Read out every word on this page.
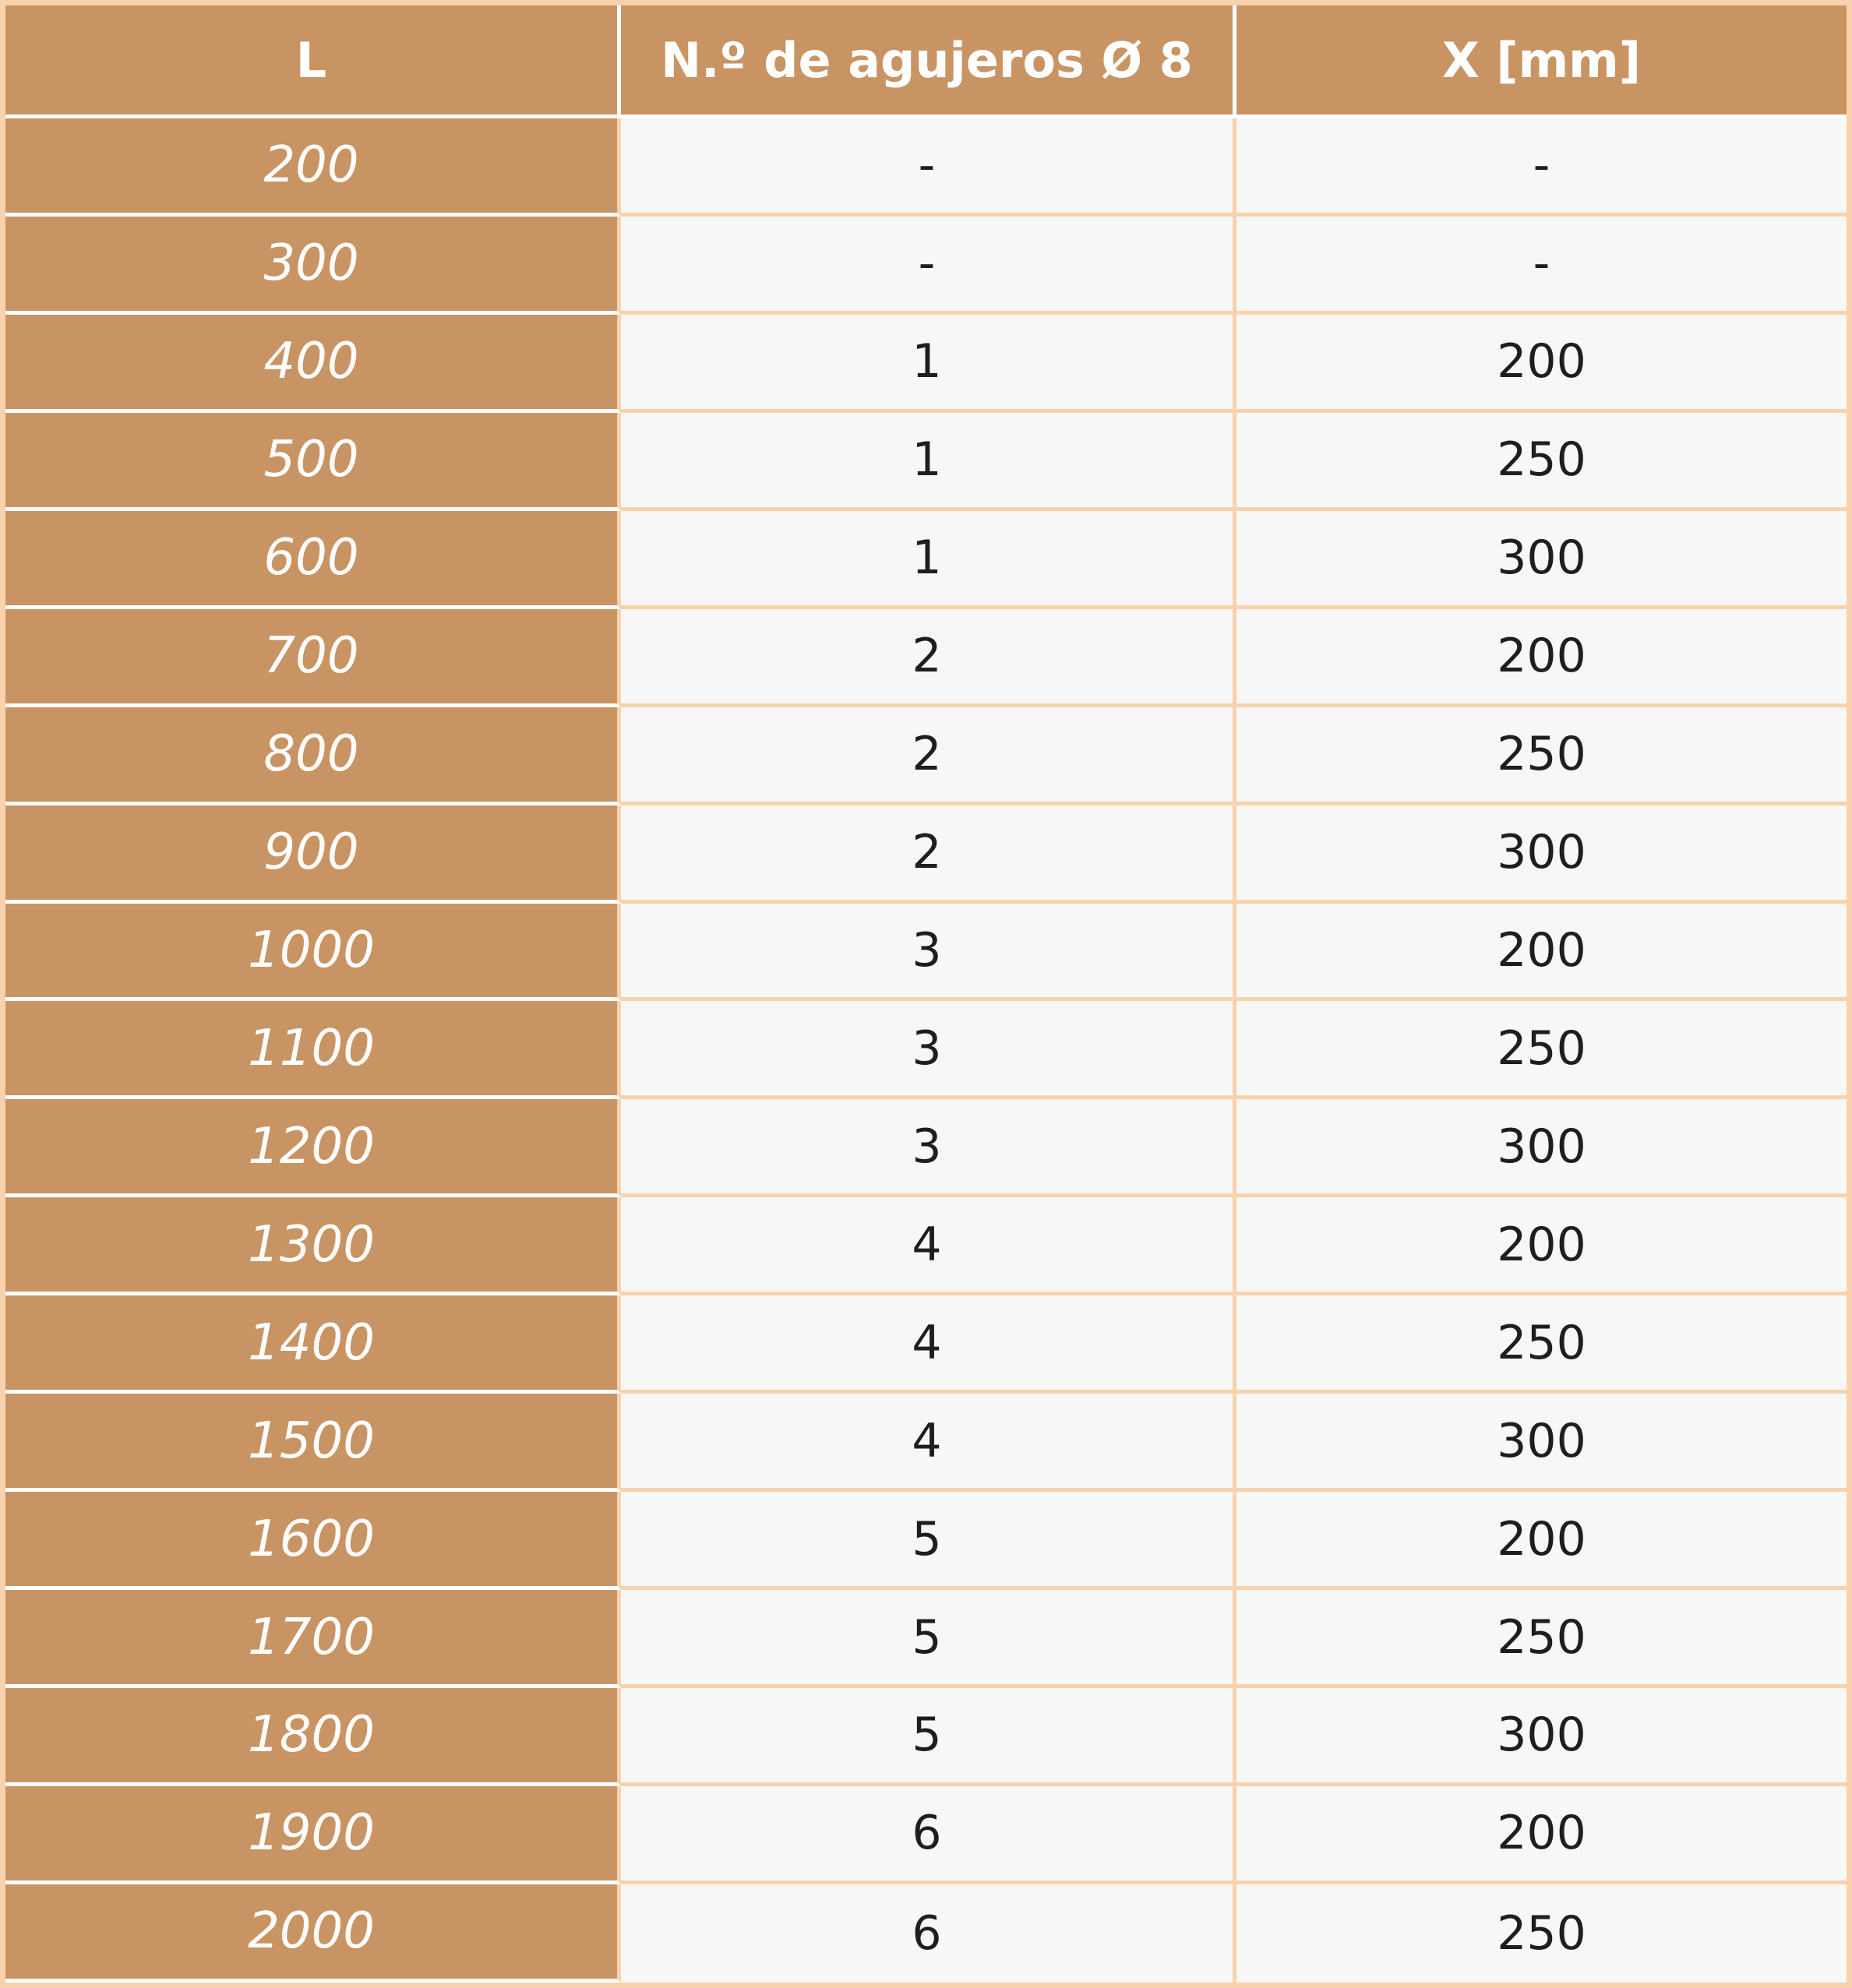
L	N.º de agujeros Ø 8	X [mm]
200	-	-
300	-	-
400	1	200
500	1	250
600	1	300
700	2	200
800	2	250
900	2	300
1000	3	200
1100	3	250
1200	3	300
1300	4	200
1400	4	250
1500	4	300
1600	5	200
1700	5	250
1800	5	300
1900	6	200
2000	6	250
